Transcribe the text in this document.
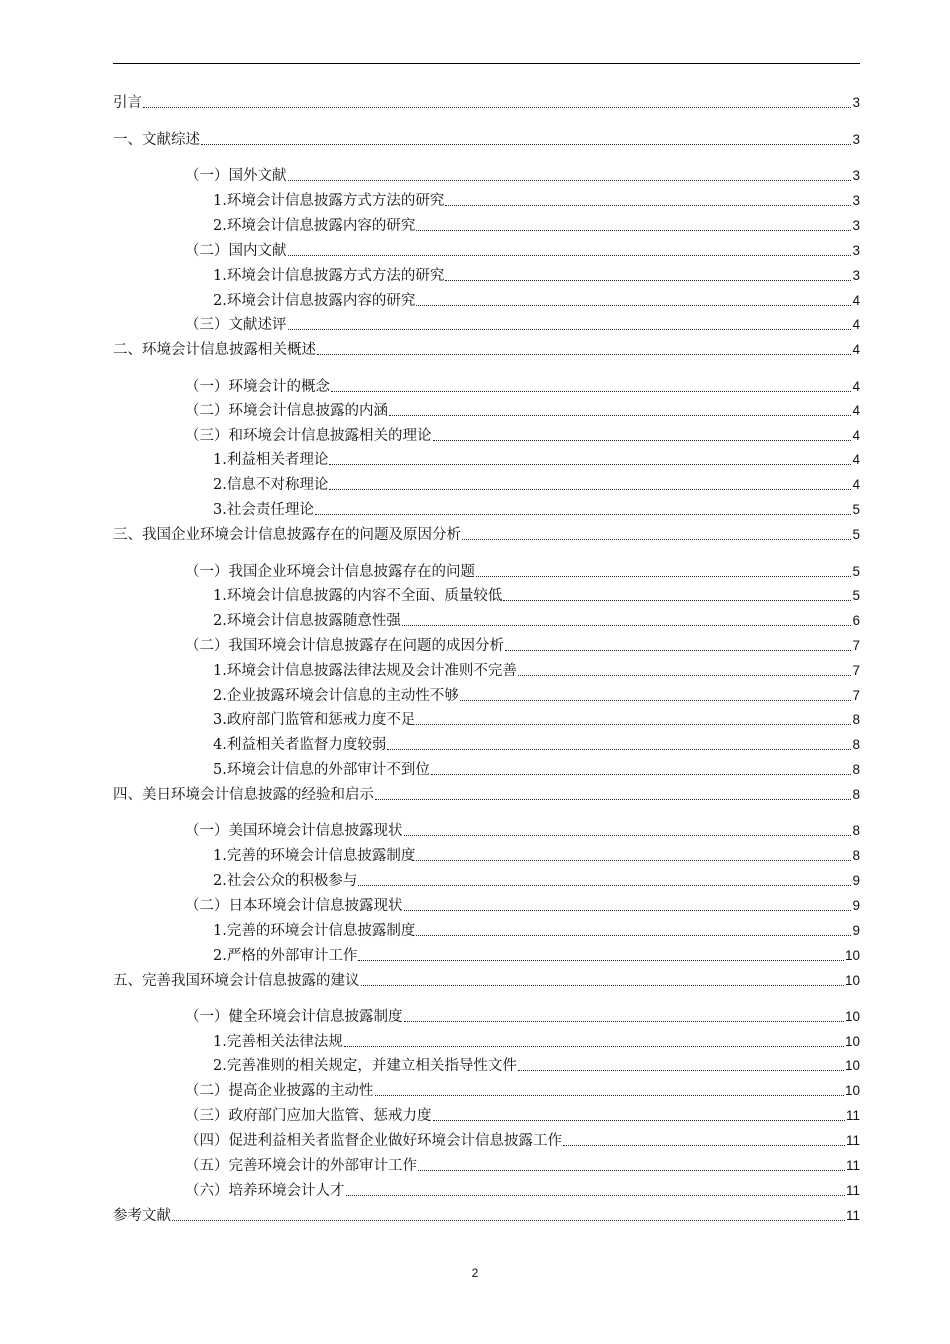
引言	3
一、文献综述	3
（一）国外文献	3
1.环境会计信息披露方式方法的研究	3
2.环境会计信息披露内容的研究	3
（二）国内文献	3
1.环境会计信息披露方式方法的研究	3
2.环境会计信息披露内容的研究	4
（三）文献述评	4
二、环境会计信息披露相关概述	4
（一）环境会计的概念	4
（二）环境会计信息披露的内涵	4
（三）和环境会计信息披露相关的理论	4
1.利益相关者理论	4
2.信息不对称理论	4
3.社会责任理论	5
三、我国企业环境会计信息披露存在的问题及原因分析	5
（一）我国企业环境会计信息披露存在的问题	5
1.环境会计信息披露的内容不全面、质量较低	5
2.环境会计信息披露随意性强	6
（二）我国环境会计信息披露存在问题的成因分析	7
1.环境会计信息披露法律法规及会计准则不完善	7
2.企业披露环境会计信息的主动性不够	7
3.政府部门监管和惩戒力度不足	8
4.利益相关者监督力度较弱	8
5.环境会计信息的外部审计不到位	8
四、美日环境会计信息披露的经验和启示	8
（一）美国环境会计信息披露现状	8
1.完善的环境会计信息披露制度	8
2.社会公众的积极参与	9
（二）日本环境会计信息披露现状	9
1.完善的环境会计信息披露制度	9
2.严格的外部审计工作	10
五、完善我国环境会计信息披露的建议	10
（一）健全环境会计信息披露制度	10
1.完善相关法律法规	10
2.完善准则的相关规定，并建立相关指导性文件	10
（二）提高企业披露的主动性	10
（三）政府部门应加大监管、惩戒力度	11
（四）促进利益相关者监督企业做好环境会计信息披露工作	11
（五）完善环境会计的外部审计工作	11
（六）培养环境会计人才	11
参考文献	11
2
